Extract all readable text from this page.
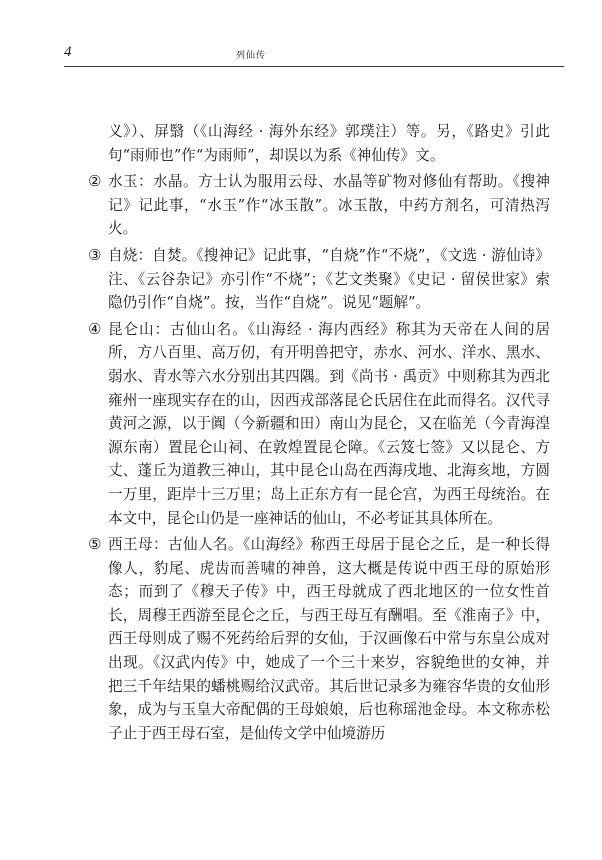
4	列仙传
义》）、屏翳（《山海经 · 海外东经》郭璞注）等。另，《路史》引此句“雨师也”作“为雨师”，却误以为系《神仙传》文。
② 水玉：水晶。方士认为服用云母、水晶等矿物对修仙有帮助。《搜神记》记此事，“水玉”作“冰玉散”。冰玉散，中药方剂名，可清热泻火。
③ 自烧：自焚。《搜神记》记此事，“自烧”作“不烧”，《文选 · 游仙诗》注、《云谷杂记》亦引作“不烧”；《艺文类聚》《史记 · 留侯世家》索隐仍引作“自烧”。按，当作“自烧”。说见“题解”。
④ 昆仑山：古仙山名。《山海经 · 海内西经》称其为天帝在人间的居所，方八百里、高万仞，有开明兽把守，赤水、河水、洋水、黑水、弱水、青水等六水分别出其四隅。到《尚书 · 禹贡》中则称其为西北雍州一座现实存在的山，因西戎部落昆仑氏居住在此而得名。汉代寻黄河之源，以于阗（今新疆和田）南山为昆仑，又在临羌（今青海湟源东南）置昆仑山祠、在敦煌置昆仑障。《云笈七签》又以昆仑、方丈、蓬丘为道教三神山，其中昆仑山岛在西海戌地、北海亥地，方圆一万里，距岸十三万里；岛上正东方有一昆仑宫，为西王母统治。在本文中，昆仑山仍是一座神话的仙山，不必考证其具体所在。
⑤ 西王母：古仙人名。《山海经》称西王母居于昆仑之丘，是一种长得像人，豹尾、虎齿而善啸的神兽，这大概是传说中西王母的原始形态；而到了《穆天子传》中，西王母就成了西北地区的一位女性首长，周穆王西游至昆仑之丘，与西王母互有酬唱。至《淮南子》中，西王母则成了赐不死药给后羿的女仙，于汉画像石中常与东皇公成对出现。《汉武内传》中，她成了一个三十来岁，容貌绝世的女神，并把三千年结果的蟠桃赐给汉武帝。其后世记录多为雍容华贵的女仙形象，成为与玉皇大帝配偶的王母娘娘，后也称瑶池金母。本文称赤松子止于西王母石室，是仙传文学中仙境游历
